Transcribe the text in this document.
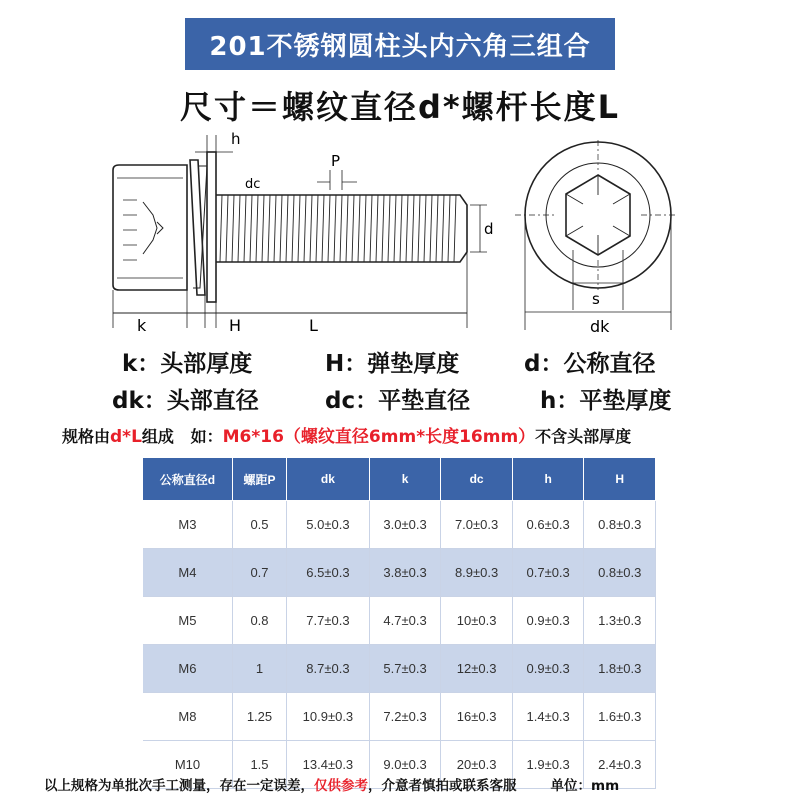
201不锈钢圆柱头内六角三组合
尺寸＝螺纹直径d*螺杆长度L
h
dc
P
d
k	H	L
s
dk
k：头部厚度	H：弹垫厚度	d：公称直径
dk：头部直径	dc：平垫直径	h：平垫厚度
规格由d*L组成   如：M6*16（螺纹直径6mm*长度16mm）不含头部厚度
公称直径d	螺距P	dk	k	dc	h	H
M3	0.5	5.0±0.3	3.0±0.3	7.0±0.3	0.6±0.3	0.8±0.3
M4	0.7	6.5±0.3	3.8±0.3	8.9±0.3	0.7±0.3	0.8±0.3
M5	0.8	7.7±0.3	4.7±0.3	10±0.3	0.9±0.3	1.3±0.3
M6	1	8.7±0.3	5.7±0.3	12±0.3	0.9±0.3	1.8±0.3
M8	1.25	10.9±0.3	7.2±0.3	16±0.3	1.4±0.3	1.6±0.3
M10	1.5	13.4±0.3	9.0±0.3	20±0.3	1.9±0.3	2.4±0.3
以上规格为单批次手工测量，存在一定误差，仅供参考，介意者慎拍或联系客服	单位：mm
